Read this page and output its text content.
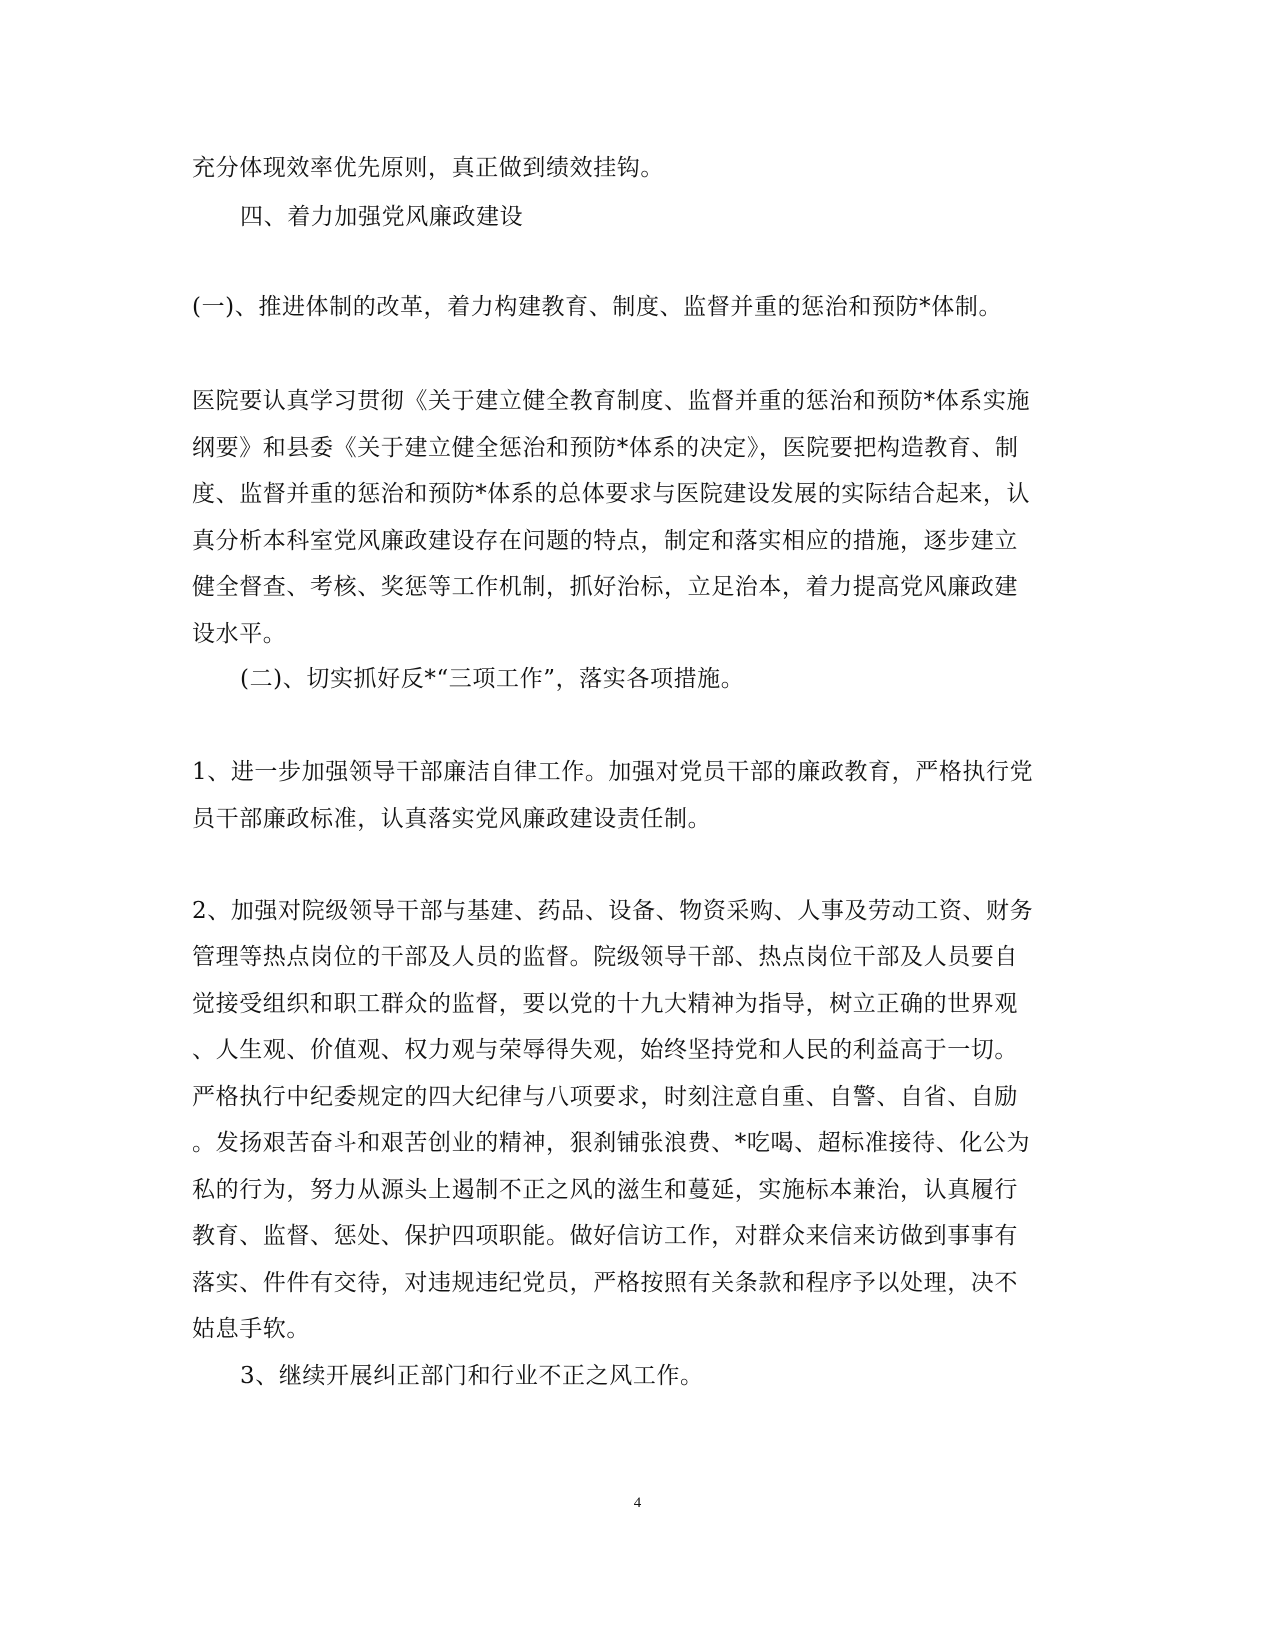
充分体现效率优先原则，真正做到绩效挂钩。

四、着力加强党风廉政建设

(一)、推进体制的改革，着力构建教育、制度、监督并重的惩治和预防*体制。

医院要认真学习贯彻《关于建立健全教育制度、监督并重的惩治和预防*体系实施

纲要》和县委《关于建立健全惩治和预防*体系的决定》，医院要把构造教育、制

度、监督并重的惩治和预防*体系的总体要求与医院建设发展的实际结合起来，认

真分析本科室党风廉政建设存在问题的特点，制定和落实相应的措施，逐步建立

健全督查、考核、奖惩等工作机制，抓好治标，立足治本，着力提高党风廉政建

设水平。

(二)、切实抓好反*“三项工作”，落实各项措施。

1、进一步加强领导干部廉洁自律工作。加强对党员干部的廉政教育，严格执行党

员干部廉政标准，认真落实党风廉政建设责任制。

2、加强对院级领导干部与基建、药品、设备、物资采购、人事及劳动工资、财务

管理等热点岗位的干部及人员的监督。院级领导干部、热点岗位干部及人员要自

觉接受组织和职工群众的监督，要以党的十九大精神为指导，树立正确的世界观

、人生观、价值观、权力观与荣辱得失观，始终坚持党和人民的利益高于一切。

严格执行中纪委规定的四大纪律与八项要求，时刻注意自重、自警、自省、自励

。发扬艰苦奋斗和艰苦创业的精神，狠刹铺张浪费、*吃喝、超标准接待、化公为

私的行为，努力从源头上遏制不正之风的滋生和蔓延，实施标本兼治，认真履行

教育、监督、惩处、保护四项职能。做好信访工作，对群众来信来访做到事事有

落实、件件有交待，对违规违纪党员，严格按照有关条款和程序予以处理，决不

姑息手软。

3、继续开展纠正部门和行业不正之风工作。

4
